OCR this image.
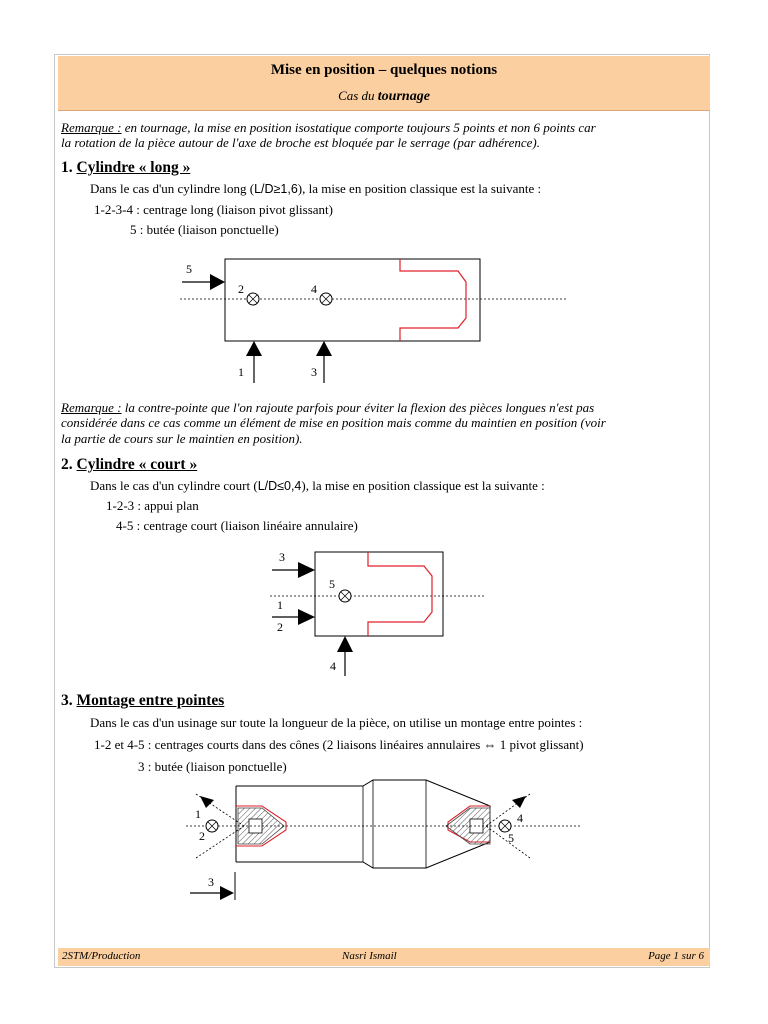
Mise en position – quelques notions
Cas du tournage
Remarque : en tournage, la mise en position isostatique comporte toujours 5 points et non 6 points car
la rotation de la pièce autour de l'axe de broche est bloquée par le serrage (par adhérence).
1. Cylindre « long »
Dans le cas d'un cylindre long (L/D≥1,6), la mise en position classique est la suivante :
1-2-3-4 : centrage long (liaison pivot glissant)
5 : butée (liaison ponctuelle)
Remarque : la contre-pointe que l'on rajoute parfois pour éviter la flexion des pièces longues n'est pas
considérée dans ce cas comme un élément de mise en position mais comme du maintien en position (voir
la partie de cours sur le maintien en position).
2. Cylindre « court »
Dans le cas d'un cylindre court (L/D≤0,4), la mise en position classique est la suivante :
1-2-3 : appui plan
4-5 : centrage court (liaison linéaire annulaire)
3. Montage entre pointes
Dans le cas d'un usinage sur toute la longueur de la pièce, on utilise un montage entre pointes :
1-2 et 4-5 : centrages courts dans des cônes (2 liaisons linéaires annulaires ⇔ 1 pivot glissant)
3 : butée (liaison ponctuelle)
5
2	4
1	3
3
5
1
2
4
1
2
4
5
3
2STM/Production	Nasri Ismail	Page 1 sur 6
